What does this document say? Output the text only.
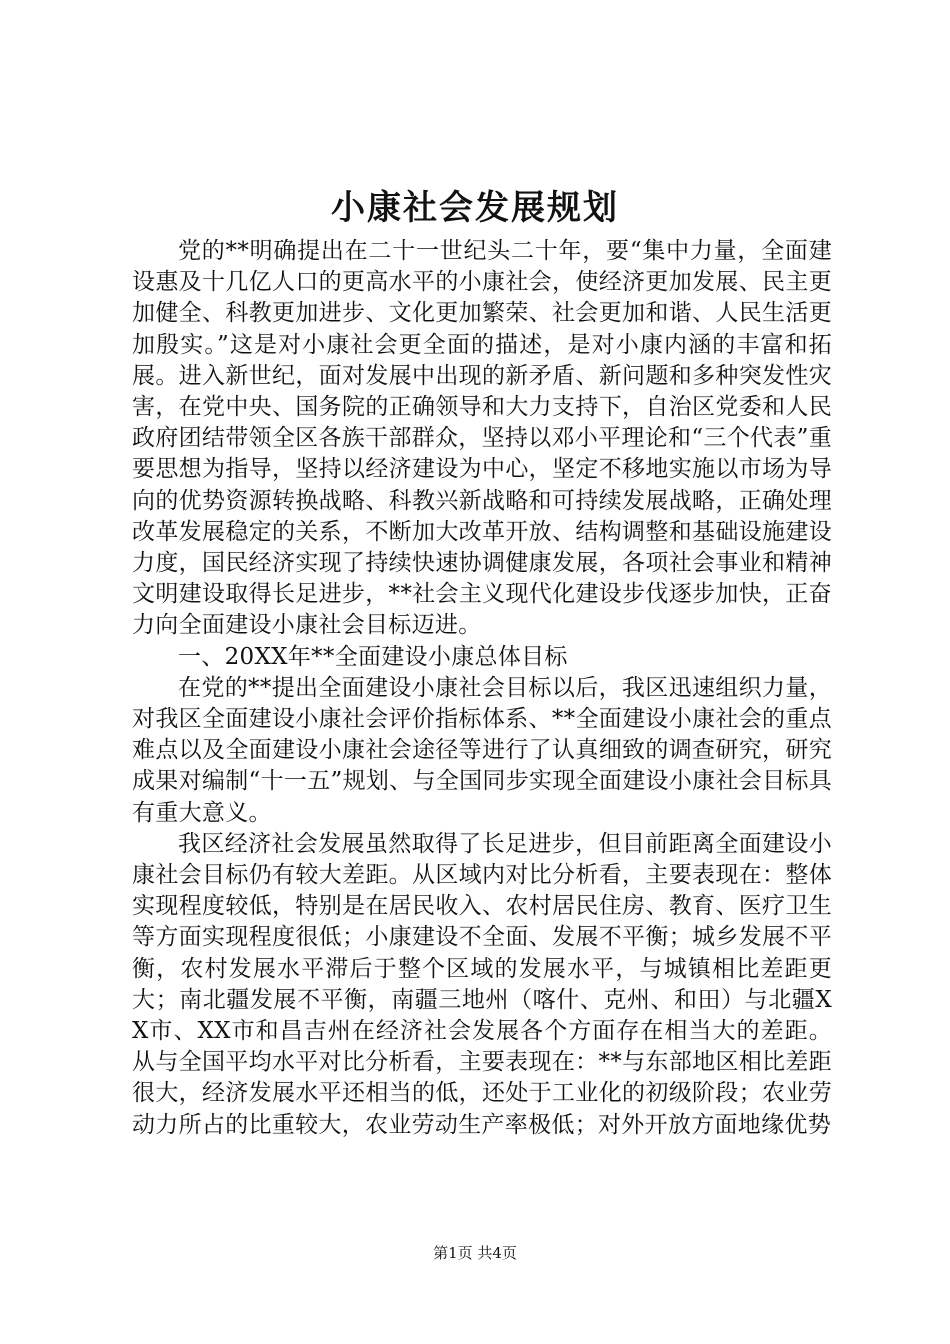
小康社会发展规划

党的**明确提出在二十一世纪头二十年，要“集中力量，全面建设惠及十几亿人口的更高水平的小康社会，使经济更加发展、民主更加健全、科教更加进步、文化更加繁荣、社会更加和谐、人民生活更加殷实。”这是对小康社会更全面的描述，是对小康内涵的丰富和拓展。进入新世纪，面对发展中出现的新矛盾、新问题和多种突发性灾害，在党中央、国务院的正确领导和大力支持下，自治区党委和人民政府团结带领全区各族干部群众，坚持以邓小平理论和“三个代表”重要思想为指导，坚持以经济建设为中心，坚定不移地实施以市场为导向的优势资源转换战略、科教兴新战略和可持续发展战略，正确处理改革发展稳定的关系，不断加大改革开放、结构调整和基础设施建设力度，国民经济实现了持续快速协调健康发展，各项社会事业和精神文明建设取得长足进步，**社会主义现代化建设步伐逐步加快，正奋力向全面建设小康社会目标迈进。

一、20XX年**全面建设小康总体目标

在党的**提出全面建设小康社会目标以后，我区迅速组织力量，对我区全面建设小康社会评价指标体系、**全面建设小康社会的重点难点以及全面建设小康社会途径等进行了认真细致的调查研究，研究成果对编制“十一五”规划、与全国同步实现全面建设小康社会目标具有重大意义。

我区经济社会发展虽然取得了长足进步，但目前距离全面建设小康社会目标仍有较大差距。从区域内对比分析看，主要表现在：整体实现程度较低，特别是在居民收入、农村居民住房、教育、医疗卫生等方面实现程度很低；小康建设不全面、发展不平衡；城乡发展不平衡，农村发展水平滞后于整个区域的发展水平，与城镇相比差距更大；南北疆发展不平衡，南疆三地州（喀什、克州、和田）与北疆XX市、XX市和昌吉州在经济社会发展各个方面存在相当大的差距。从与全国平均水平对比分析看，主要表现在：**与东部地区相比差距很大，经济发展水平还相当的低，还处于工业化的初级阶段；农业劳动力所占的比重较大，农业劳动生产率极低；对外开放方面地缘优势

第1页 共4页
